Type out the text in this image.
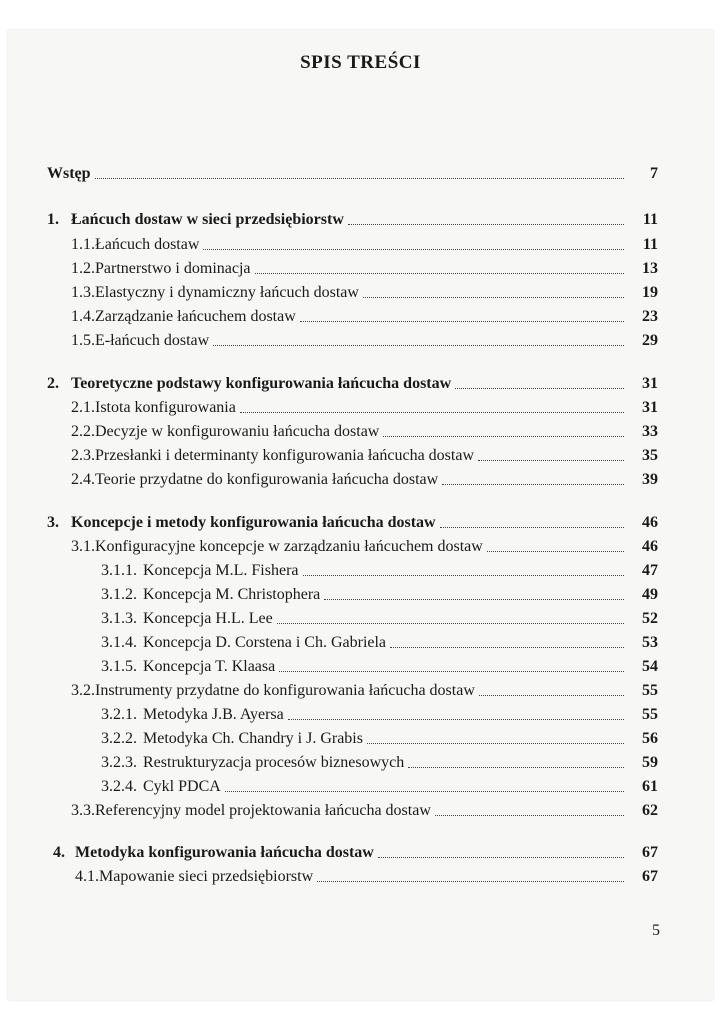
SPIS TREŚCI
Wstęp	7
1. Łańcuch dostaw w sieci przedsiębiorstw	11
1.1. Łańcuch dostaw	11
1.2. Partnerstwo i dominacja	13
1.3. Elastyczny i dynamiczny łańcuch dostaw	19
1.4. Zarządzanie łańcuchem dostaw	23
1.5. E-łańcuch dostaw	29
2. Teoretyczne podstawy konfigurowania łańcucha dostaw	31
2.1. Istota konfigurowania	31
2.2. Decyzje w konfigurowaniu łańcucha dostaw	33
2.3. Przesłanki i determinanty konfigurowania łańcucha dostaw	35
2.4. Teorie przydatne do konfigurowania łańcucha dostaw	39
3. Koncepcje i metody konfigurowania łańcucha dostaw	46
3.1. Konfiguracyjne koncepcje w zarządzaniu łańcuchem dostaw	46
3.1.1. Koncepcja M.L. Fishera	47
3.1.2. Koncepcja M. Christophera	49
3.1.3. Koncepcja H.L. Lee	52
3.1.4. Koncepcja D. Corstena i Ch. Gabriela	53
3.1.5. Koncepcja T. Klaasa	54
3.2. Instrumenty przydatne do konfigurowania łańcucha dostaw	55
3.2.1. Metodyka J.B. Ayersa	55
3.2.2. Metodyka Ch. Chandry i J. Grabis	56
3.2.3. Restrukturyzacja procesów biznesowych	59
3.2.4. Cykl PDCA	61
3.3. Referencyjny model projektowania łańcucha dostaw	62
4. Metodyka konfigurowania łańcucha dostaw	67
4.1. Mapowanie sieci przedsiębiorstw	67
5
